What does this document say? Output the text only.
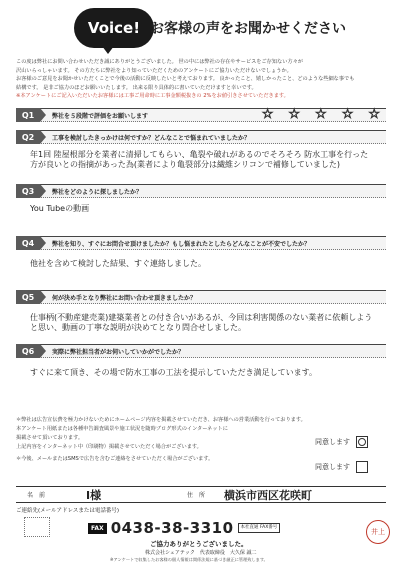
Voice! お客様の声をお聞かせください
この度は弊社にお問い合わせいただき誠にありがとうございました。 世の中には弊社の存在やサービスをご存知ない方々が
沢山いらっしゃいます。 その方たちに弊社をより知っていただくためのアンケートにご協力いただけないでしょうか。
お客様のご意見をお聞かせいただくことで今後の活動に反映したいと考えております。 良かったこと、嬉しかったこと、どのような些細な事でも
結構です。 是非ご協力のほどお願いいたします。 出来る限り具体的に書いていただけますと幸いです。
※本アンケートにご記入いただいたお客様には工事ご用命時に工事金額税抜きの 2%をお値引きさせていただきます。
Q1	弊社を５段階で評価をお願いします	☆ ☆ ☆ ☆ ☆
Q2	工事を検討したきっかけは何ですか？どんなことで悩まれていましたか？
年1回 陸屋根部分を業者に清掃してもらい、亀裂や破れがあるのでそろそろ 防水工事を行った方が良いとの指摘があった為(業者により亀裂部分は繊維シリコンで補修していました)
Q3	弊社をどのように探しましたか？
You Tubeの動画
Q4	弊社を知り、すぐにお問合せ頂けましたか？もし悩まれたとしたらどんなことが不安でしたか？
他社を含めて検討した結果、すぐ連絡しました。
Q5	何が決め手となり弊社にお問い合わせ頂きましたか？
仕事柄(不動産建売業)建築業者との付き合いがあるが、今回は利害関係のない業者に依頼しようと思い、動画の丁寧な説明が決めてとなり問合せしました。
Q6	実際に弊社担当者がお伺いしていかがでしたか？
すぐに来て頂き、その場で防水工事の工法を提示していただき満足しています。
＊弊社は広告宣伝費を極力かけないためにホームページ内容を掲載させていただき、お客様への営業活動を行っております。
本アンケート用紙または各種申告調査風景や施工状況を随時ブログ形式のインターネットに
掲載させて頂いております。
上記内容をインターネット中（印刷物）掲載させていただく場合がございます。
＊今後、メールまたはSMSで広告を含むご連絡をさせていただく場合がございます。
同意します
同意します
名　前	I様	住　所	横浜市西区花咲町
ご連絡先(メールアドレスまたは電話番号)
FAX 0438-38-3310	本社直通 FAX番号
ご協力ありがとうございました。
株式会社シェアテック　代表取締役　大久保 誠二
※アンケートで収集したお客様の個人情報は関係法規に基づき厳正に管理致します。
井上
